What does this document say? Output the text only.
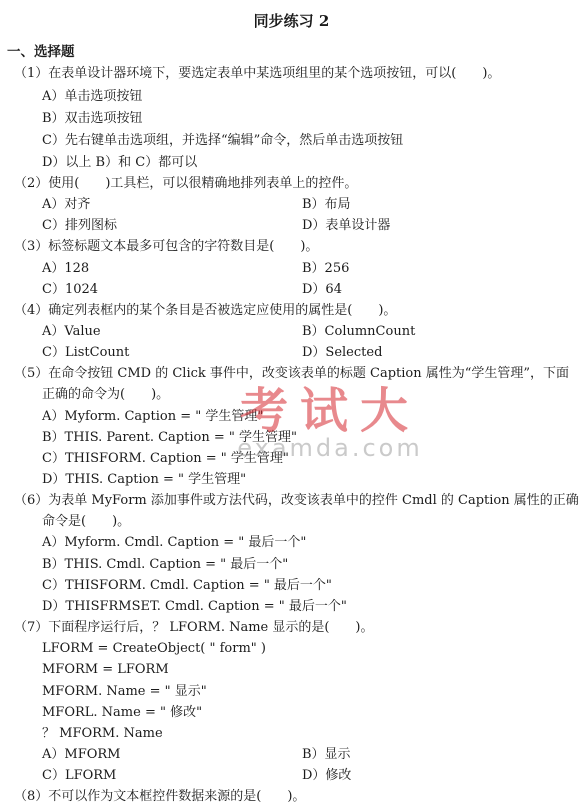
同步练习 2
一、选择题
（1）在表单设计器环境下，要选定表单中某选项组里的某个选项按钮，可以(　　)。
A）单击选项按钮
B）双击选项按钮
C）先右键单击选项组，并选择“编辑”命令，然后单击选项按钮
D）以上 B）和 C）都可以
（2）使用(　　)工具栏，可以很精确地排列表单上的控件。
A）对齐	B）布局
C）排列图标	D）表单设计器
（3）标签标题文本最多可包含的字符数目是(　　)。
A）128	B）256
C）1024	D）64
（4）确定列表框内的某个条目是否被选定应使用的属性是(　　)。
A）Value	B）ColumnCount
C）ListCount	D）Selected
（5）在命令按钮 CMD 的 Click 事件中，改变该表单的标题 Caption 属性为“学生管理”，下面
正确的命令为(　　)。
A）Myform. Caption = " 学生管理"
B）THIS. Parent. Caption = " 学生管理"
C）THISFORM. Caption = " 学生管理"
D）THIS. Caption = " 学生管理"
（6）为表单 MyForm 添加事件或方法代码，改变该表单中的控件 Cmdl 的 Caption 属性的正确
命令是(　　)。
A）Myform. Cmdl. Caption = " 最后一个"
B）THIS. Cmdl. Caption = " 最后一个"
C）THISFORM. Cmdl. Caption = " 最后一个"
D）THISFRMSET. Cmdl. Caption = " 最后一个"
（7）下面程序运行后，？ LFORM. Name 显示的是(　　)。
LFORM = CreateObject( " form" )
MFORM = LFORM
MFORM. Name = " 显示"
MFORL. Name = " 修改"
？ MFORM. Name
A）MFORM	B）显示
C）LFORM	D）修改
（8）不可以作为文本框控件数据来源的是(　　)。
考试大
examda.com
